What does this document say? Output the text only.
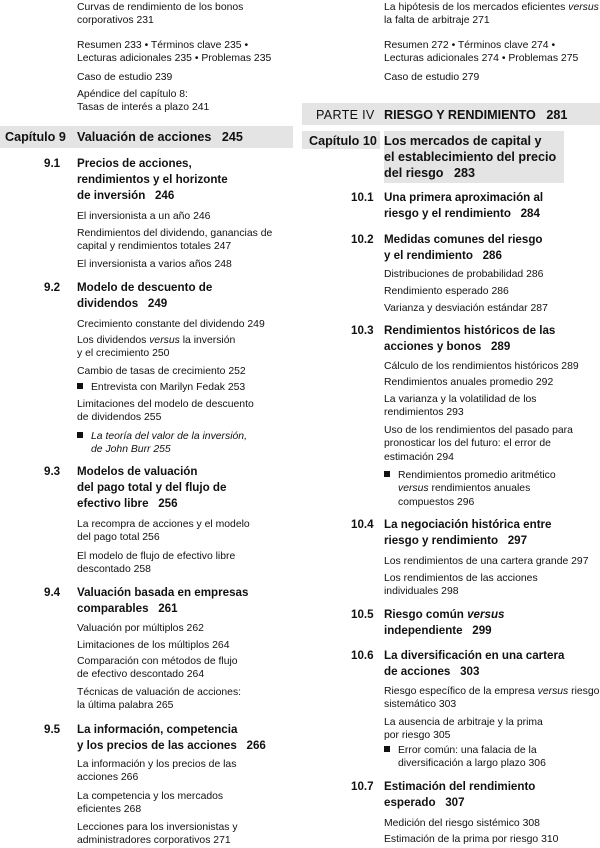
Curvas de rendimiento de los bonos
corporativos 231
Resumen 233 • Términos clave 235 •
Lecturas adicionales 235 • Problemas 235
Caso de estudio 239
Apéndice del capítulo 8:
Tasas de interés a plazo 241
Capítulo 9 Valuación de acciones 245
9.1 Precios de acciones,
rendimientos y el horizonte
de inversión 246
El inversionista a un año 246
Rendimientos del dividendo, ganancias de
capital y rendimientos totales 247
El inversionista a varios años 248
9.2 Modelo de descuento de
dividendos 249
Crecimiento constante del dividendo 249
Los dividendos versus la inversión
y el crecimiento 250
Cambio de tasas de crecimiento 252
Entrevista con Marilyn Fedak 253
Limitaciones del modelo de descuento
de dividendos 255
La teoría del valor de la inversión,
de John Burr 255
9.3 Modelos de valuación
del pago total y del flujo de
efectivo libre 256
La recompra de acciones y el modelo
del pago total 256
El modelo de flujo de efectivo libre
descontado 258
9.4 Valuación basada en empresas
comparables 261
Valuación por múltiplos 262
Limitaciones de los múltiplos 264
Comparación con métodos de flujo
de efectivo descontado 264
Técnicas de valuación de acciones:
la última palabra 265
9.5 La información, competencia
y los precios de las acciones 266
La información y los precios de las
acciones 266
La competencia y los mercados
eficientes 268
Lecciones para los inversionistas y
administradores corporativos 271
La hipótesis de los mercados eficientes versus
la falta de arbitraje 271
Resumen 272 • Términos clave 274 •
Lecturas adicionales 274 • Problemas 275
Caso de estudio 279
PARTE IV RIESGO Y RENDIMIENTO 281
Capítulo 10 Los mercados de capital y
el establecimiento del precio
del riesgo 283
10.1 Una primera aproximación al
riesgo y el rendimiento 284
10.2 Medidas comunes del riesgo
y el rendimiento 286
Distribuciones de probabilidad 286
Rendimiento esperado 286
Varianza y desviación estándar 287
10.3 Rendimientos históricos de las
acciones y bonos 289
Cálculo de los rendimientos históricos 289
Rendimientos anuales promedio 292
La varianza y la volatilidad de los
rendimientos 293
Uso de los rendimientos del pasado para
pronosticar los del futuro: el error de
estimación 294
Rendimientos promedio aritmético
versus rendimientos anuales
compuestos 296
10.4 La negociación histórica entre
riesgo y rendimiento 297
Los rendimientos de una cartera grande 297
Los rendimientos de las acciones
individuales 298
10.5 Riesgo común versus
independiente 299
10.6 La diversificación en una cartera
de acciones 303
Riesgo específico de la empresa versus riesgo
sistemático 303
La ausencia de arbitraje y la prima
por riesgo 305
Error común: una falacia de la
diversificación a largo plazo 306
10.7 Estimación del rendimiento
esperado 307
Medición del riesgo sistémico 308
Estimación de la prima por riesgo 310
